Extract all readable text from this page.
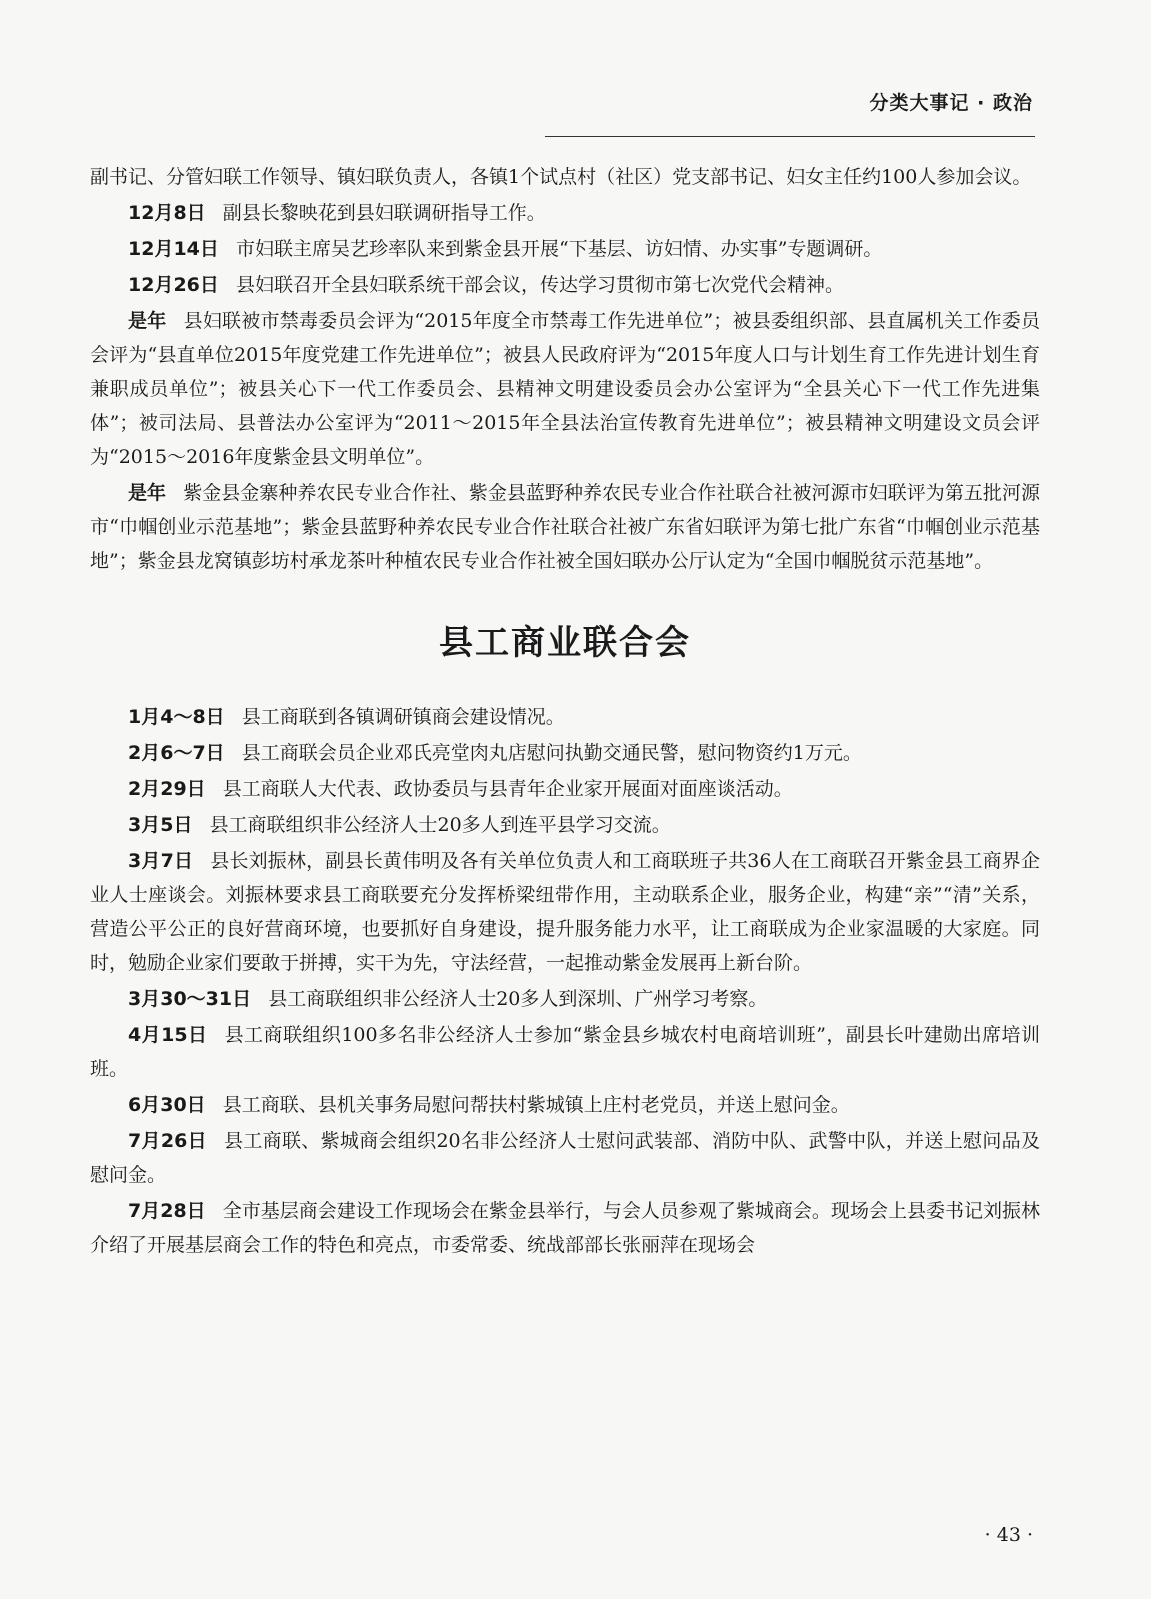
分类大事记 · 政治

副书记、分管妇联工作领导、镇妇联负责人，各镇1个试点村（社区）党支部书记、妇女主任约100人参加会议。

12月8日 副县长黎映花到县妇联调研指导工作。

12月14日 市妇联主席吴艺珍率队来到紫金县开展“下基层、访妇情、办实事”专题调研。

12月26日 县妇联召开全县妇联系统干部会议，传达学习贯彻市第七次党代会精神。

是年 县妇联被市禁毒委员会评为“2015年度全市禁毒工作先进单位”；被县委组织部、县直属机关工作委员会评为“县直单位2015年度党建工作先进单位”；被县人民政府评为“2015年度人口与计划生育工作先进计划生育兼职成员单位”；被县关心下一代工作委员会、县精神文明建设委员会办公室评为“全县关心下一代工作先进集体”；被司法局、县普法办公室评为“2011～2015年全县法治宣传教育先进单位”；被县精神文明建设文员会评为“2015～2016年度紫金县文明单位”。

是年 紫金县金寨种养农民专业合作社、紫金县蓝野种养农民专业合作社联合社被河源市妇联评为第五批河源市“巾帼创业示范基地”；紫金县蓝野种养农民专业合作社联合社被广东省妇联评为第七批广东省“巾帼创业示范基地”；紫金县龙窝镇彭坊村承龙茶叶种植农民专业合作社被全国妇联办公厅认定为“全国巾帼脱贫示范基地”。

县工商业联合会

1月4～8日 县工商联到各镇调研镇商会建设情况。

2月6～7日 县工商联会员企业邓氏亮堂肉丸店慰问执勤交通民警，慰问物资约1万元。

2月29日 县工商联人大代表、政协委员与县青年企业家开展面对面座谈活动。

3月5日 县工商联组织非公经济人士20多人到连平县学习交流。

3月7日 县长刘振林，副县长黄伟明及各有关单位负责人和工商联班子共36人在工商联召开紫金县工商界企业人士座谈会。刘振林要求县工商联要充分发挥桥梁纽带作用，主动联系企业，服务企业，构建“亲”“清”关系，营造公平公正的良好营商环境，也要抓好自身建设，提升服务能力水平，让工商联成为企业家温暖的大家庭。同时，勉励企业家们要敢于拼搏，实干为先，守法经营，一起推动紫金发展再上新台阶。

3月30～31日 县工商联组织非公经济人士20多人到深圳、广州学习考察。

4月15日 县工商联组织100多名非公经济人士参加“紫金县乡城农村电商培训班”，副县长叶建勋出席培训班。

6月30日 县工商联、县机关事务局慰问帮扶村紫城镇上庄村老党员，并送上慰问金。

7月26日 县工商联、紫城商会组织20名非公经济人士慰问武装部、消防中队、武警中队，并送上慰问品及慰问金。

7月28日 全市基层商会建设工作现场会在紫金县举行，与会人员参观了紫城商会。现场会上县委书记刘振林介绍了开展基层商会工作的特色和亮点，市委常委、统战部部长张丽萍在现场会

· 43 ·
